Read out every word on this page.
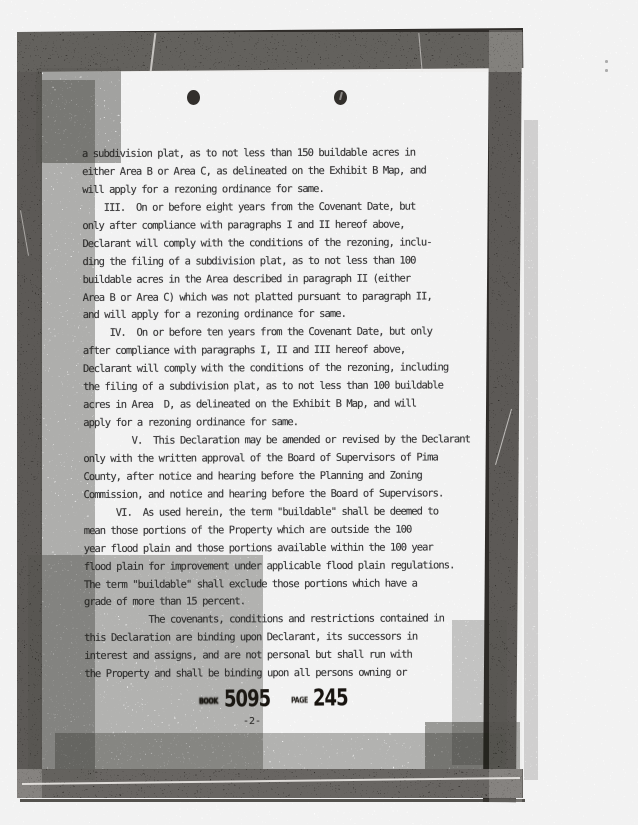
a subdivision plat, as to not less than 150 buildable acres in
either Area B or Area C, as delineated on the Exhibit B Map, and
will apply for a rezoning ordinance for same.
III.  On or before eight years from the Covenant Date, but
only after compliance with paragraphs I and II hereof above,
Declarant will comply with the conditions of the rezoning, inclu-
ding the filing of a subdivision plat, as to not less than 100
buildable acres in the Area described in paragraph II (either
Area B or Area C) which was not platted pursuant to paragraph II,
and will apply for a rezoning ordinance for same.
IV.  On or before ten years from the Covenant Date, but only
after compliance with paragraphs I, II and III hereof above,
Declarant will comply with the conditions of the rezoning, including
the filing of a subdivision plat, as to not less than 100 buildable
acres in Area  D, as delineated on the Exhibit B Map, and will
apply for a rezoning ordinance for same.
V.  This Declaration may be amended or revised by the Declarant
only with the written approval of the Board of Supervisors of Pima
County, after notice and hearing before the Planning and Zoning
Commission, and notice and hearing before the Board of Supervisors.
VI.  As used herein, the term "buildable" shall be deemed to
mean those portions of the Property which are outside the 100
year flood plain and those portions available within the 100 year
flood plain for improvement under applicable flood plain regulations.
The term "buildable" shall exclude those portions which have a
grade of more than 15 percent.
The covenants, conditions and restrictions contained in
this Declaration are binding upon Declarant, its successors in
interest and assigns, and are not personal but shall run with
the Property and shall be binding upon all persons owning or
BOOK 5095	PAGE 245
-2-
